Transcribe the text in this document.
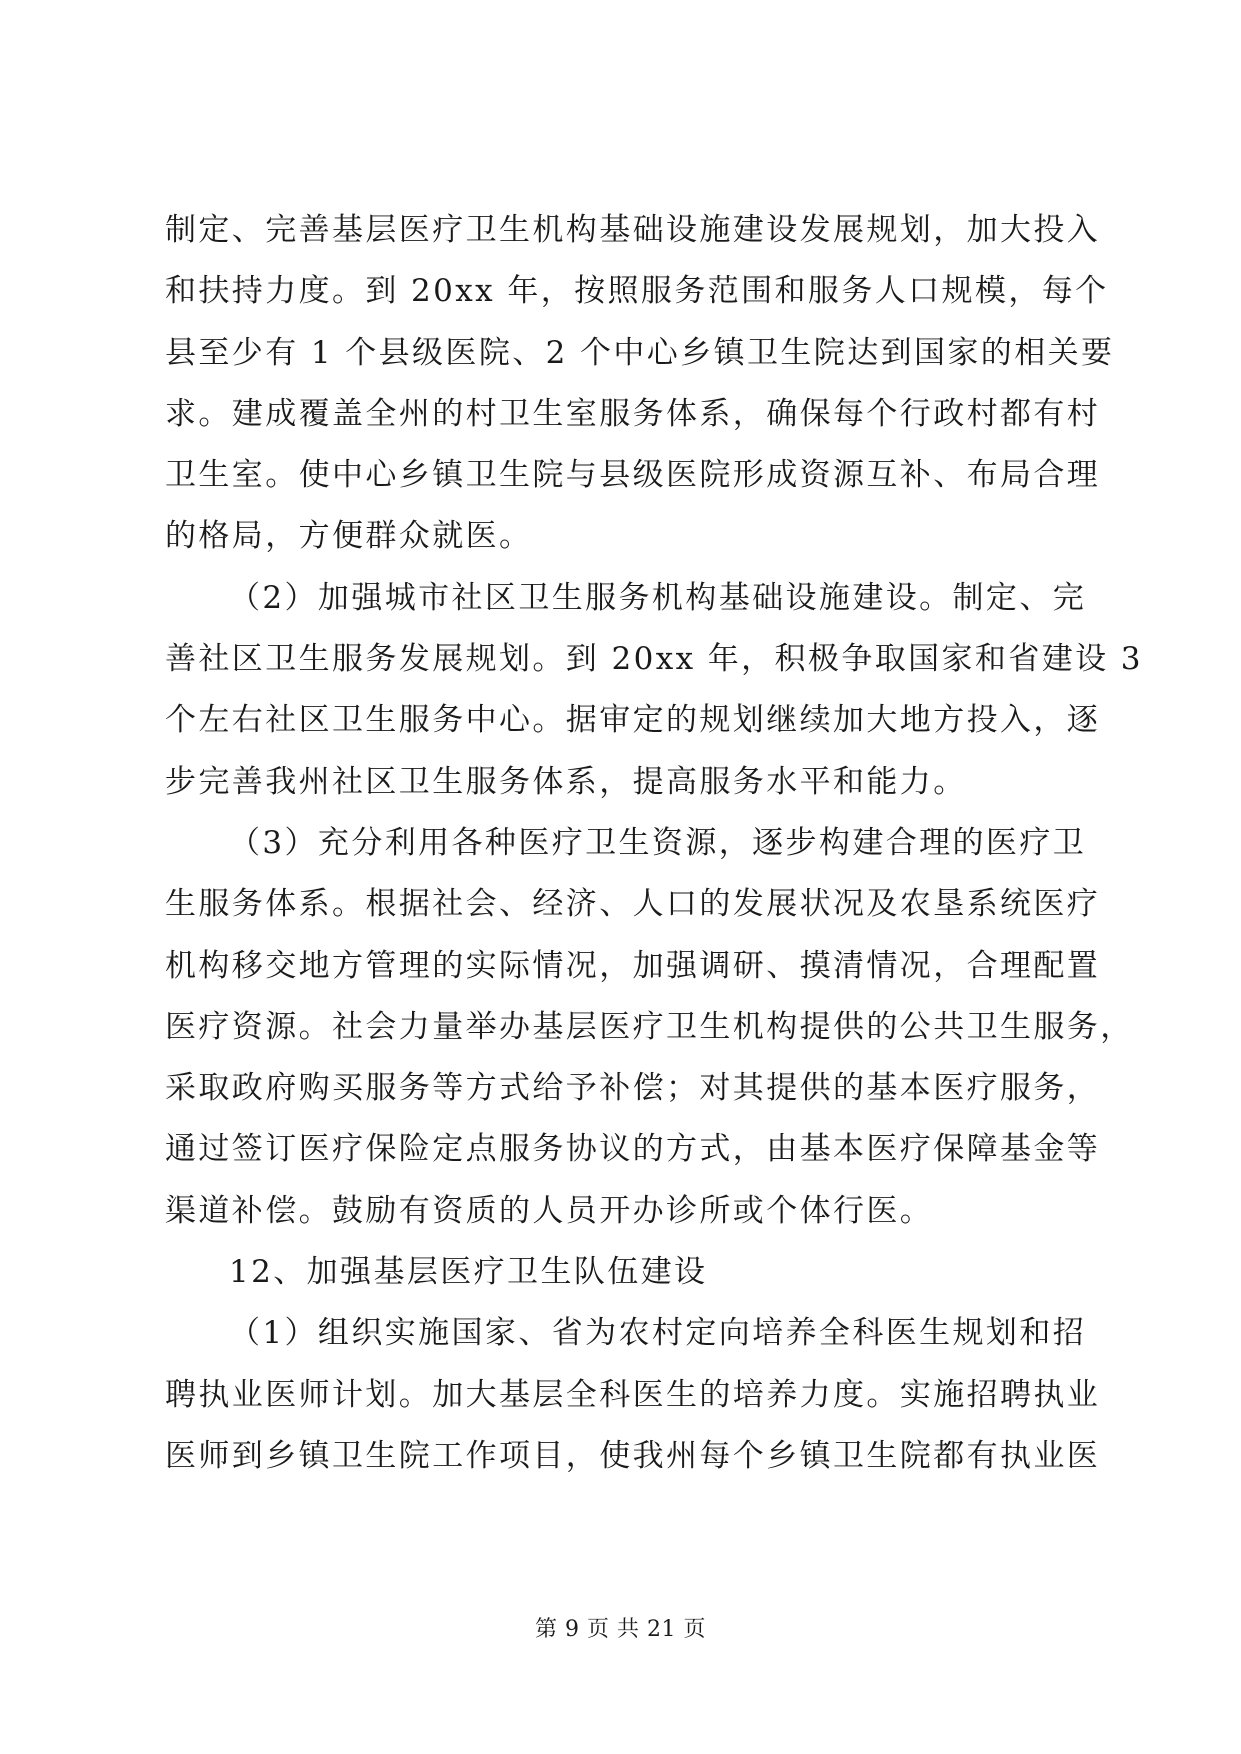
制定、完善基层医疗卫生机构基础设施建设发展规划，加大投入
和扶持力度。到 20xx 年，按照服务范围和服务人口规模，每个
县至少有 1 个县级医院、2 个中心乡镇卫生院达到国家的相关要
求。建成覆盖全州的村卫生室服务体系，确保每个行政村都有村
卫生室。使中心乡镇卫生院与县级医院形成资源互补、布局合理
的格局，方便群众就医。
（2）加强城市社区卫生服务机构基础设施建设。制定、完
善社区卫生服务发展规划。到 20xx 年，积极争取国家和省建设 3
个左右社区卫生服务中心。据审定的规划继续加大地方投入，逐
步完善我州社区卫生服务体系，提高服务水平和能力。
（3）充分利用各种医疗卫生资源，逐步构建合理的医疗卫
生服务体系。根据社会、经济、人口的发展状况及农垦系统医疗
机构移交地方管理的实际情况，加强调研、摸清情况，合理配置
医疗资源。社会力量举办基层医疗卫生机构提供的公共卫生服务，
采取政府购买服务等方式给予补偿；对其提供的基本医疗服务，
通过签订医疗保险定点服务协议的方式，由基本医疗保障基金等
渠道补偿。鼓励有资质的人员开办诊所或个体行医。
12、加强基层医疗卫生队伍建设
（1）组织实施国家、省为农村定向培养全科医生规划和招
聘执业医师计划。加大基层全科医生的培养力度。实施招聘执业
医师到乡镇卫生院工作项目，使我州每个乡镇卫生院都有执业医
第 9 页 共 21 页
